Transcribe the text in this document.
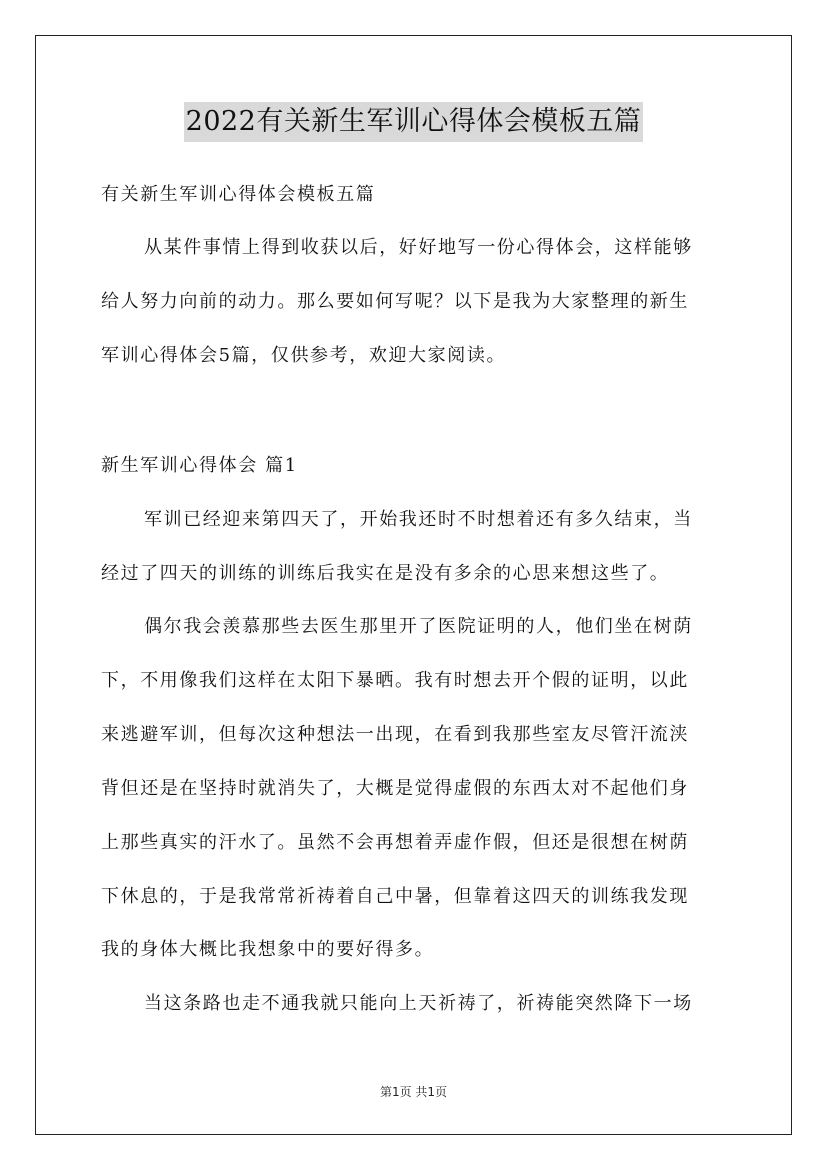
2022有关新生军训心得体会模板五篇
有关新生军训心得体会模板五篇
从某件事情上得到收获以后，好好地写一份心得体会，这样能够
给人努力向前的动力。那么要如何写呢？以下是我为大家整理的新生
军训心得体会5篇，仅供参考，欢迎大家阅读。
新生军训心得体会 篇1
军训已经迎来第四天了，开始我还时不时想着还有多久结束，当
经过了四天的训练的训练后我实在是没有多余的心思来想这些了。
偶尔我会羡慕那些去医生那里开了医院证明的人，他们坐在树荫
下，不用像我们这样在太阳下暴晒。我有时想去开个假的证明，以此
来逃避军训，但每次这种想法一出现，在看到我那些室友尽管汗流浃
背但还是在坚持时就消失了，大概是觉得虚假的东西太对不起他们身
上那些真实的汗水了。虽然不会再想着弄虚作假，但还是很想在树荫
下休息的，于是我常常祈祷着自己中暑，但靠着这四天的训练我发现
我的身体大概比我想象中的要好得多。
当这条路也走不通我就只能向上天祈祷了，祈祷能突然降下一场
第1页 共1页
